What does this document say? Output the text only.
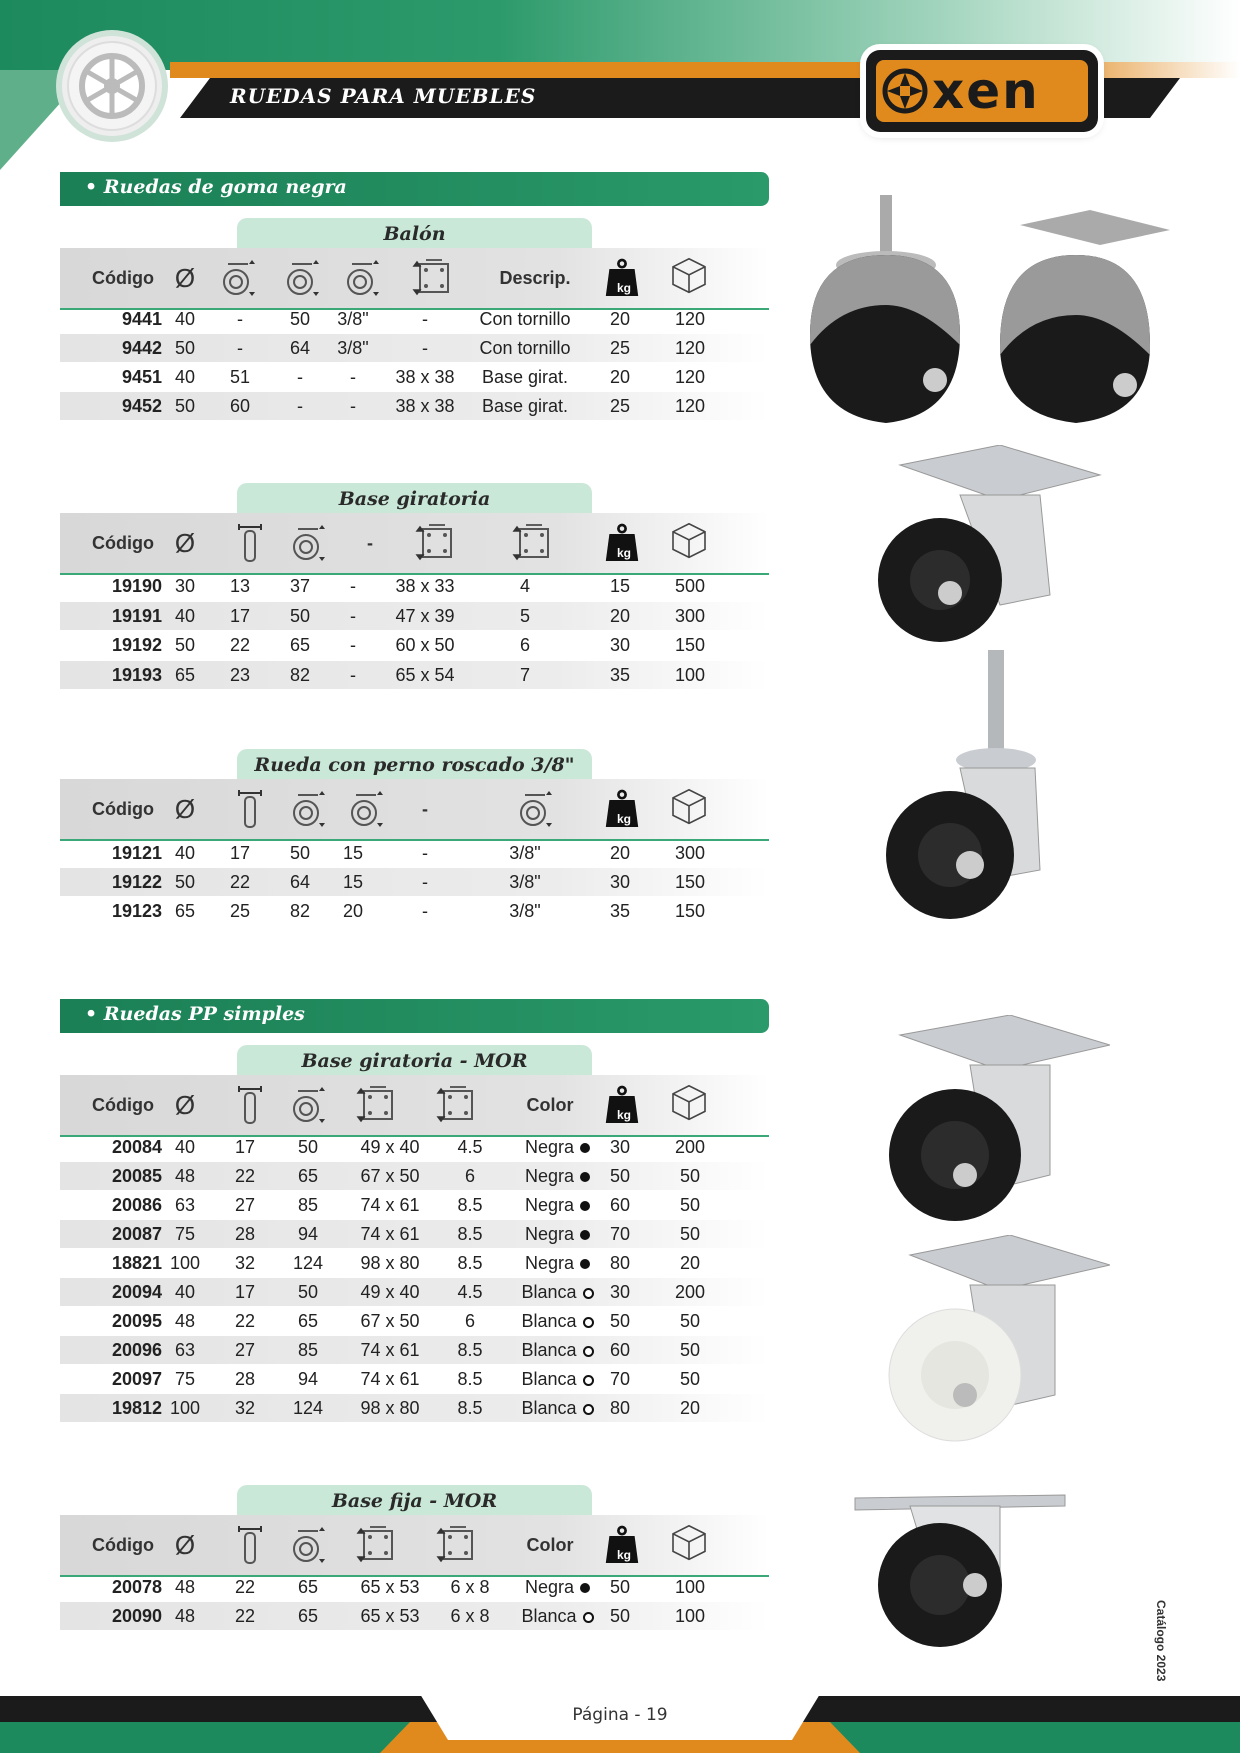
RUEDAS PARA MUEBLES	xen
• Ruedas de goma negra
Balón
Código Ø	Descrip.	kg
9441 40	-	50	3/8"	-	Con tornillo	20	120
9442 50	-	64	3/8"	-	Con tornillo	25	120
9451 40	51	-	-	38 x 38	Base girat.	20	120
9452 50	60	-	-	38 x 38	Base girat.	25	120
Base giratoria
Código Ø	-	kg
19190 30	13	37	-	38 x 33	4	15	500
19191 40	17	50	-	47 x 39	5	20	300
19192 50	22	65	-	60 x 50	6	30	150
19193 65	23	82	-	65 x 54	7	35	100
Rueda con perno roscado 3/8"
Código Ø	-	kg
19121 40	17	50	15	-	3/8"	20	300
19122 50	22	64	15	-	3/8"	30	150
19123 65	25	82	20	-	3/8"	35	150
• Ruedas PP simples
Base giratoria - MOR
Código Ø	Color	kg
20084 40	17	50	49 x 40	4.5	Negra	30	200
20085 48	22	65	67 x 50	6	Negra	50	50
20086 63	27	85	74 x 61	8.5	Negra	60	50
20087 75	28	94	74 x 61	8.5	Negra	70	50
18821 100	32	124	98 x 80	8.5	Negra	80	20
20094 40	17	50	49 x 40	4.5	Blanca	30	200
20095 48	22	65	67 x 50	6	Blanca	50	50
20096 63	27	85	74 x 61	8.5	Blanca	60	50
20097 75	28	94	74 x 61	8.5	Blanca	70	50
19812 100	32	124	98 x 80	8.5	Blanca	80	20
Base fija - MOR
Código Ø	Color	kg
20078 48	22	65	65 x 53	6 x 8	Negra	50	100
20090 48	22	65	65 x 53	6 x 8	Blanca	50	100
Página - 19
Catálogo 2023
